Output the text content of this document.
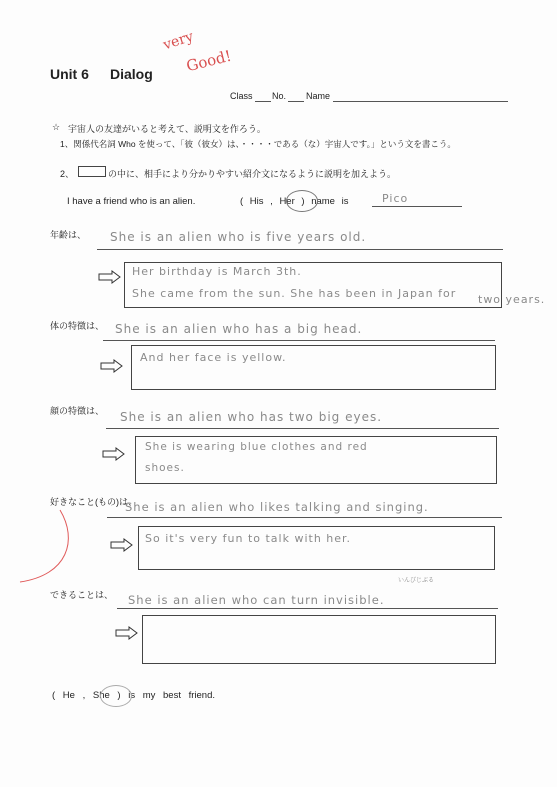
Unit 6 Dialog
very
Good!
Class No. Name
☆ 宇宙人の友達がいると考えて、説明文を作ろう。
1、関係代名詞 Who を使って、「彼（彼女）は、・・・・である（な）宇宙人です。」という文を書こう。
2、	の中に、相手により分かりやすい紹介文になるように説明を加えよう。
I have a friend who is an alien.	( His , Her ) name is	Pico
年齢は、 She is an alien who is five years old.
Her birthday is March 3th.
She came from the sun. She has been in Japan for two years.
体の特徴は、 She is an alien who has a big head.
And her face is yellow.
顔の特徴は、 She is an alien who has two big eyes.
She is wearing blue clothes and red
shoes.
好きなこと(もの)は、
She is an alien who likes talking and singing.
So it's very fun to talk with her.
できることは、
いんびじぶる
She is an alien who can turn invisible.
( He , She ) is my best friend.
